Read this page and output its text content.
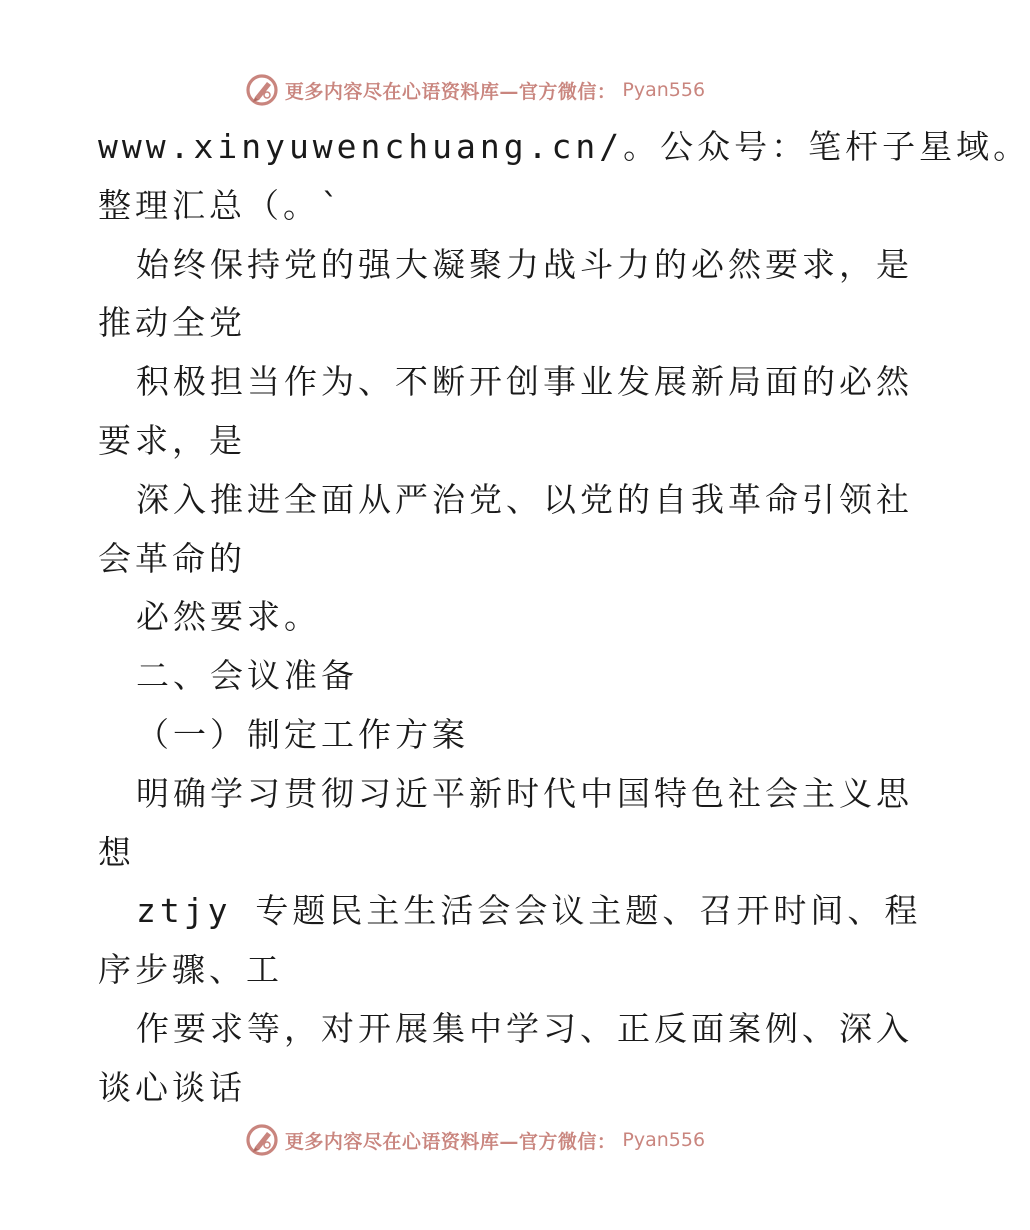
更多内容尽在心语资料库—官方微信： Pyan556
www.xinyuwenchuang.cn/。公众号：笔杆子星域。
整理汇总（。`
始终保持党的强大凝聚力战斗力的必然要求，是
推动全党
积极担当作为、不断开创事业发展新局面的必然
要求，是
深入推进全面从严治党、以党的自我革命引领社
会革命的
必然要求。
二、会议准备
（一）制定工作方案
明确学习贯彻习近平新时代中国特色社会主义思
想
ztjy 专题民主生活会会议主题、召开时间、程
序步骤、工
作要求等，对开展集中学习、正反面案例、深入
谈心谈话
更多内容尽在心语资料库—官方微信： Pyan556
